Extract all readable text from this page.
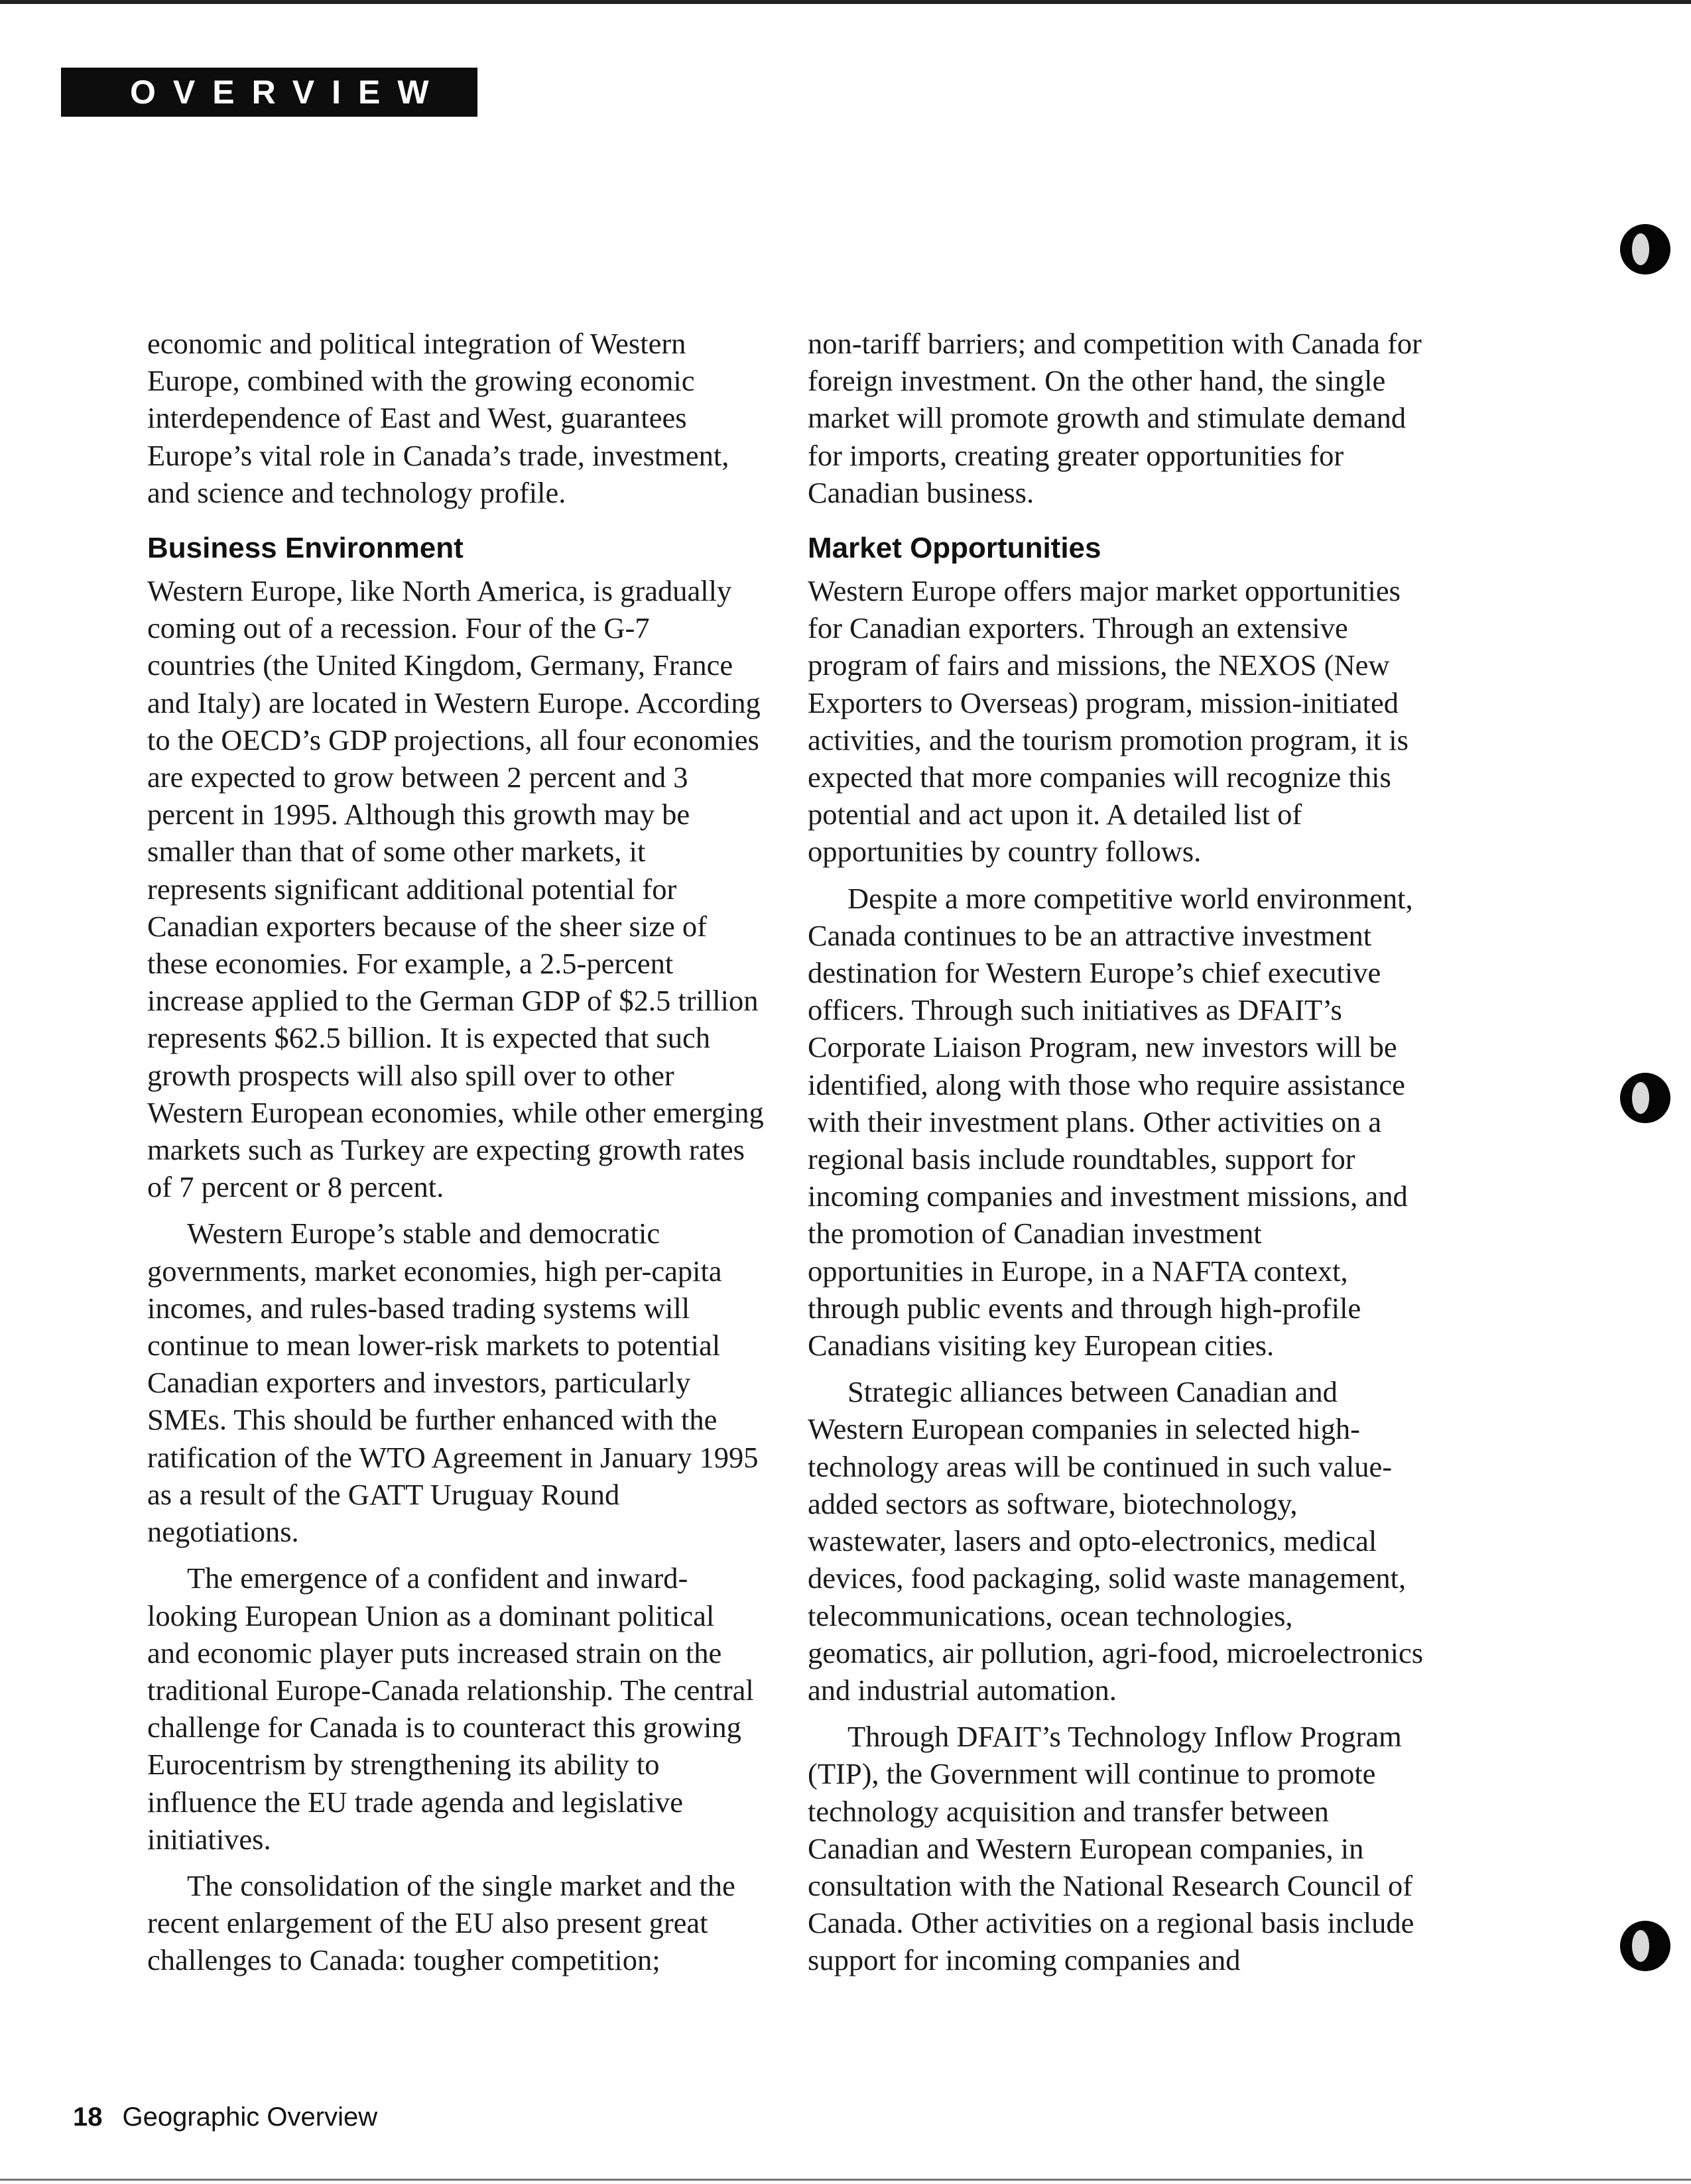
OVERVIEW

economic and political integration of Western Europe, combined with the growing economic interdependence of East and West, guarantees Europe’s vital role in Canada’s trade, investment, and science and technology profile.

Business Environment

Western Europe, like North America, is gradually coming out of a recession. Four of the G-7 countries (the United Kingdom, Germany, France and Italy) are located in Western Europe. According to the OECD’s GDP projections, all four economies are expected to grow between 2 percent and 3 percent in 1995. Although this growth may be smaller than that of some other markets, it represents significant additional potential for Canadian exporters because of the sheer size of these economies. For example, a 2.5-percent increase applied to the German GDP of $2.5 trillion represents $62.5 billion. It is expected that such growth prospects will also spill over to other Western European economies, while other emerging markets such as Turkey are expecting growth rates of 7 percent or 8 percent.

Western Europe’s stable and democratic governments, market economies, high per-capita incomes, and rules-based trading systems will continue to mean lower-risk markets to potential Canadian exporters and investors, particularly SMEs. This should be further enhanced with the ratification of the WTO Agreement in January 1995 as a result of the GATT Uruguay Round negotiations.

The emergence of a confident and inward-looking European Union as a dominant political and economic player puts increased strain on the traditional Europe-Canada relationship. The central challenge for Canada is to counteract this growing Eurocentrism by strengthening its ability to influence the EU trade agenda and legislative initiatives.

The consolidation of the single market and the recent enlargement of the EU also present great challenges to Canada: tougher competition;

non-tariff barriers; and competition with Canada for foreign investment. On the other hand, the single market will promote growth and stimulate demand for imports, creating greater opportunities for Canadian business.

Market Opportunities

Western Europe offers major market opportunities for Canadian exporters. Through an extensive program of fairs and missions, the NEXOS (New Exporters to Overseas) program, mission-initiated activities, and the tourism promotion program, it is expected that more companies will recognize this potential and act upon it. A detailed list of opportunities by country follows.

Despite a more competitive world environment, Canada continues to be an attractive investment destination for Western Europe’s chief executive officers. Through such initiatives as DFAIT’s Corporate Liaison Program, new investors will be identified, along with those who require assistance with their investment plans. Other activities on a regional basis include roundtables, support for incoming companies and investment missions, and the promotion of Canadian investment opportunities in Europe, in a NAFTA context, through public events and through high-profile Canadians visiting key European cities.

Strategic alliances between Canadian and Western European companies in selected high-technology areas will be continued in such value-added sectors as software, biotechnology, wastewater, lasers and opto-electronics, medical devices, food packaging, solid waste management, telecommunications, ocean technologies, geomatics, air pollution, agri-food, microelectronics and industrial automation.

Through DFAIT’s Technology Inflow Program (TIP), the Government will continue to promote technology acquisition and transfer between Canadian and Western European companies, in consultation with the National Research Council of Canada. Other activities on a regional basis include support for incoming companies and

18 Geographic Overview
